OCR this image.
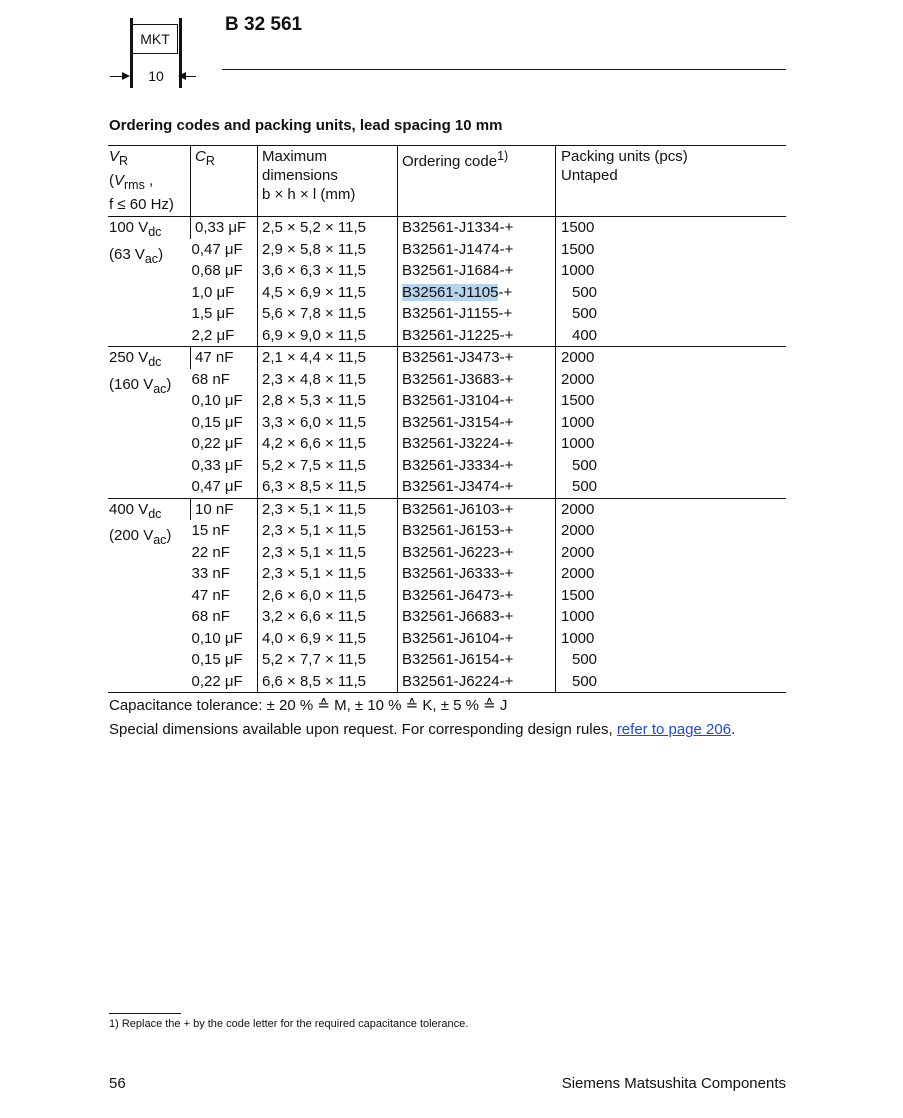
MKT
10
B 32 561
Ordering codes and packing units, lead spacing 10 mm
$V_R$
($V_{rms}$ ,
f ≤ 60 Hz)	$C_R$	Maximum
dimensions
b × h × l (mm)	Ordering code$^{1)}$	Packing units (pcs)
Untaped
100 $V_{dc}$
(63 $V_{ac}$)	0,33 μF	2,5 × 5,2 × 11,5	B32561-J1334-+	1500
	0,47 μF	2,9 × 5,8 × 11,5	B32561-J1474-+	1500
	0,68 μF	3,6 × 6,3 × 11,5	B32561-J1684-+	1000
	1,0 μF	4,5 × 6,9 × 11,5	B32561-J1105-+	500
	1,5 μF	5,6 × 7,8 × 11,5	B32561-J1155-+	500
	2,2 μF	6,9 × 9,0 × 11,5	B32561-J1225-+	400
250 $V_{dc}$
(160 $V_{ac}$)	47 nF	2,1 × 4,4 × 11,5	B32561-J3473-+	2000
	68 nF	2,3 × 4,8 × 11,5	B32561-J3683-+	2000
	0,10 μF	2,8 × 5,3 × 11,5	B32561-J3104-+	1500
	0,15 μF	3,3 × 6,0 × 11,5	B32561-J3154-+	1000
	0,22 μF	4,2 × 6,6 × 11,5	B32561-J3224-+	1000
	0,33 μF	5,2 × 7,5 × 11,5	B32561-J3334-+	500
	0,47 μF	6,3 × 8,5 × 11,5	B32561-J3474-+	500
400 $V_{dc}$
(200 $V_{ac}$)	10 nF	2,3 × 5,1 × 11,5	B32561-J6103-+	2000
	15 nF	2,3 × 5,1 × 11,5	B32561-J6153-+	2000
	22 nF	2,3 × 5,1 × 11,5	B32561-J6223-+	2000
	33 nF	2,3 × 5,1 × 11,5	B32561-J6333-+	2000
	47 nF	2,6 × 6,0 × 11,5	B32561-J6473-+	1500
	68 nF	3,2 × 6,6 × 11,5	B32561-J6683-+	1000
	0,10 μF	4,0 × 6,9 × 11,5	B32561-J6104-+	1000
	0,15 μF	5,2 × 7,7 × 11,5	B32561-J6154-+	500
	0,22 μF	6,6 × 8,5 × 11,5	B32561-J6224-+	500
Capacitance tolerance: ± 20 % ≙ M, ± 10 % ≙ K, ± 5 % ≙ J
Special dimensions available upon request. For corresponding design rules, refer to page 206.
1) Replace the + by the code letter for the required capacitance tolerance.
56	Siemens Matsushita Components
